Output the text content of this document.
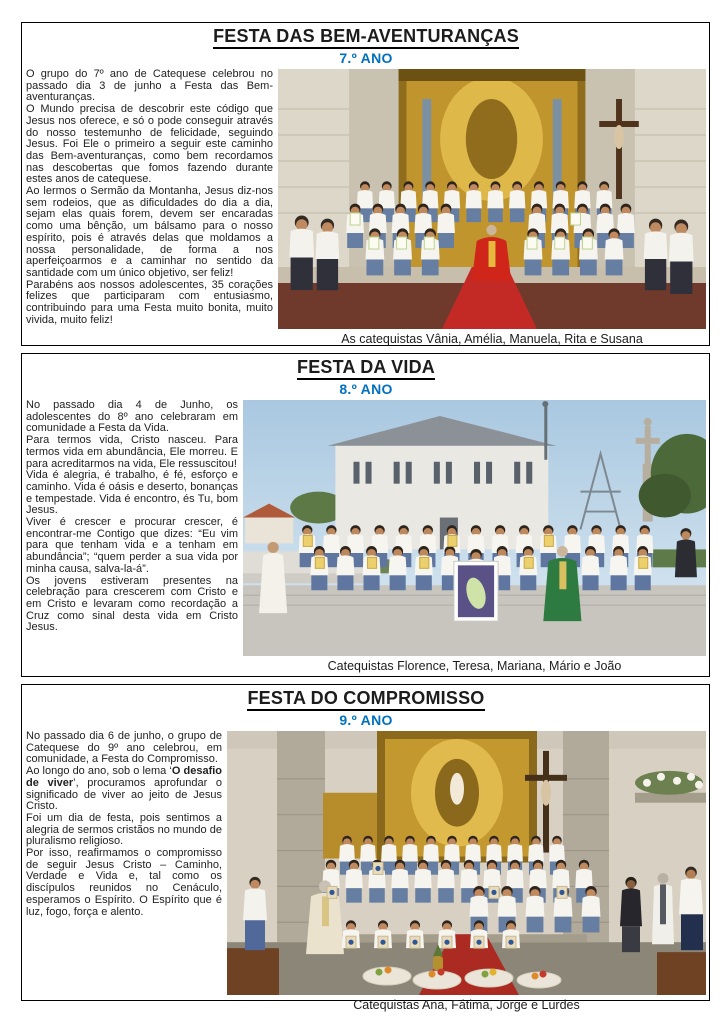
FESTA DAS BEM-AVENTURANÇAS
7.º ANO

O grupo do 7º ano de Catequese celebrou no passado dia 3 de junho a Festa das Bem-aventuranças.

O Mundo precisa de descobrir este código que Jesus nos oferece, e só o pode conseguir através do nosso testemunho de felicidade, seguindo Jesus. Foi Ele o primeiro a seguir este caminho das Bem-aventuranças, como bem recordamos nas descobertas que fomos fazendo durante estes anos de catequese.

Ao lermos o Sermão da Montanha, Jesus diz-nos sem rodeios, que as dificuldades do dia a dia, sejam elas quais forem, devem ser encaradas como uma bênção, um bálsamo para o nosso espírito, pois é através delas que moldamos a nossa personalidade, de forma a nos aperfeiçoarmos e a caminhar no sentido da santidade com um único objetivo, ser feliz!

Parabéns aos nossos adolescentes, 35 corações felizes que participaram com entusiasmo, contribuindo para uma Festa muito bonita, muito vivida, muito feliz!

As catequistas Vânia, Amélia, Manuela, Rita e Susana
FESTA DA VIDA
8.º ANO

No passado dia 4 de Junho, os adolescentes do 8º ano celebraram em comunidade a Festa da Vida.

Para termos vida, Cristo nasceu. Para termos vida em abundância, Ele morreu. E para acreditarmos na vida, Ele ressuscitou!

Vida é alegria, é trabalho, é fé, esforço e caminho. Vida é oásis e deserto, bonanças e tempestade. Vida é encontro, és Tu, bom Jesus.

Viver é crescer e procurar crescer, é encontrar-me Contigo que dizes: “Eu vim para que tenham vida e a tenham em abundância”; “quem perder a sua vida por minha causa, salva-la-á”.

Os jovens estiveram presentes na celebração para crescerem com Cristo e em Cristo e levaram como recordação a Cruz como sinal desta vida em Cristo Jesus.

Catequistas Florence, Teresa, Mariana, Mário e João
FESTA DO COMPROMISSO
9.º ANO

No passado dia 6 de junho, o grupo de Catequese do 9º ano celebrou, em comunidade, a Festa do Compromisso.

Ao longo do ano, sob o lema ‘O desafio de viver’, procuramos aprofundar o significado de viver ao jeito de Jesus Cristo.

Foi um dia de festa, pois sentimos a alegria de sermos cristãos no mundo de pluralismo religioso.

Por isso, reafirmamos o compromisso de seguir Jesus Cristo – Caminho, Verdade e Vida e, tal como os discípulos reunidos no Cenáculo, esperamos o Espírito. O Espírito que é luz, fogo, força e alento.

Catequistas Ana, Fátima, Jorge e Lurdes
